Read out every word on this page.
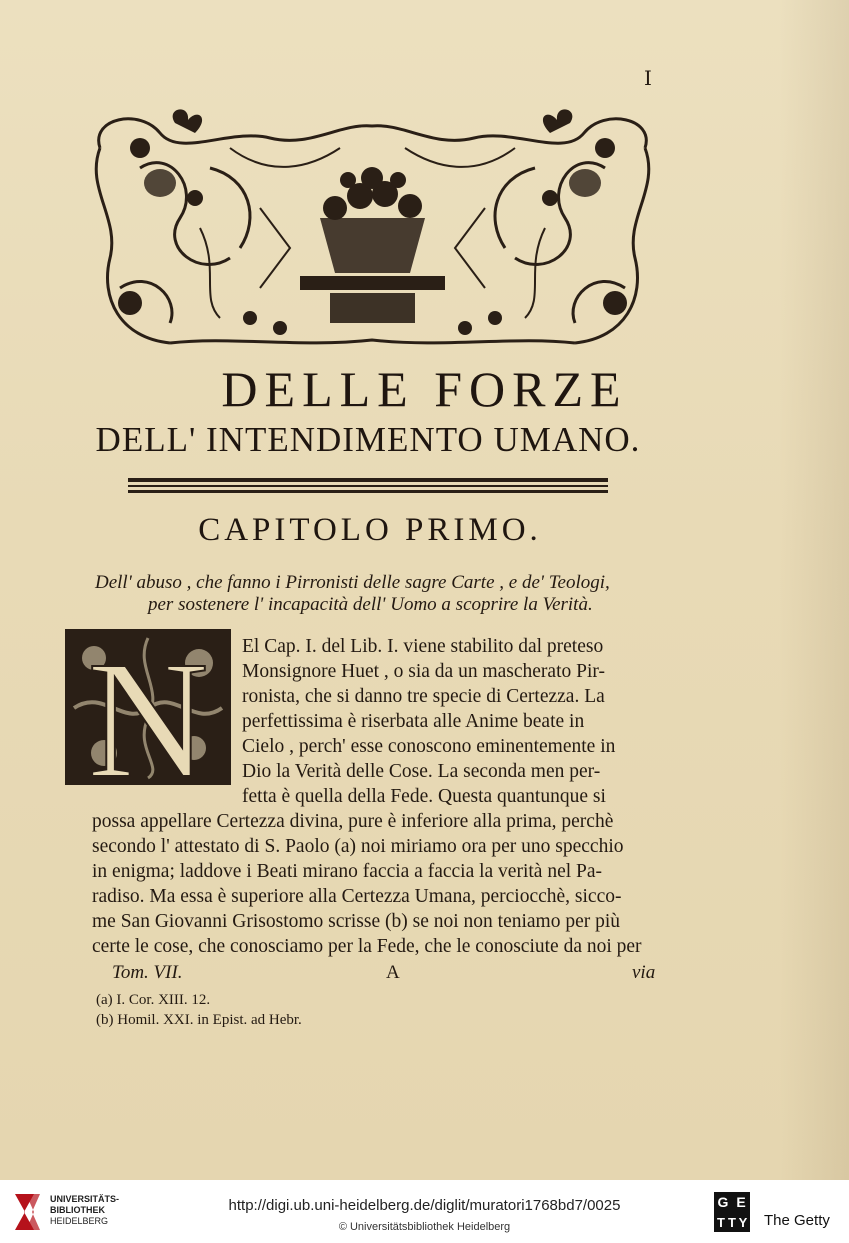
I
DELLE FORZE
DELL' INTENDIMENTO UMANO.
CAPITOLO PRIMO.
Dell' abuso , che fanno i Pirronisti delle sagre Carte , e de' Teologi,
per sostenere l' incapacità dell' Uomo a scoprire la Verità.
N El Cap. I. del Lib. I. viene stabilito dal preteso
Monsignore Huet , o sia da un mascherato Pir-
ronista, che si danno tre specie di Certezza. La
perfettissima è riserbata alle Anime beate in
Cielo , perch' esse conoscono eminentemente in
Dio la Verità delle Cose. La seconda men per-
fetta è quella della Fede. Questa quantunque si
possa appellare Certezza divina, pure è inferiore alla prima, perchè
secondo l' attestato di S. Paolo (a) noi miriamo ora per uno specchio
in enigma; laddove i Beati mirano faccia a faccia la verità nel Pa-
radiso. Ma essa è superiore alla Certezza Umana, perciocchè, sicco-
me San Giovanni Grisostomo scrisse (b) se noi non teniamo per più
certe le cose, che conosciamo per la Fede, che le conosciute da noi per
Tom. VII.	A	via
(a) I. Cor. XIII. 12.
(b) Homil. XXI. in Epist. ad Hebr.
UNIVERSITÄTS-
BIBLIOTHEK
HEIDELBERG
http://digi.ub.uni-heidelberg.de/diglit/muratori1768bd7/0025
© Universitätsbibliothek Heidelberg
G E
T T Y The Getty
